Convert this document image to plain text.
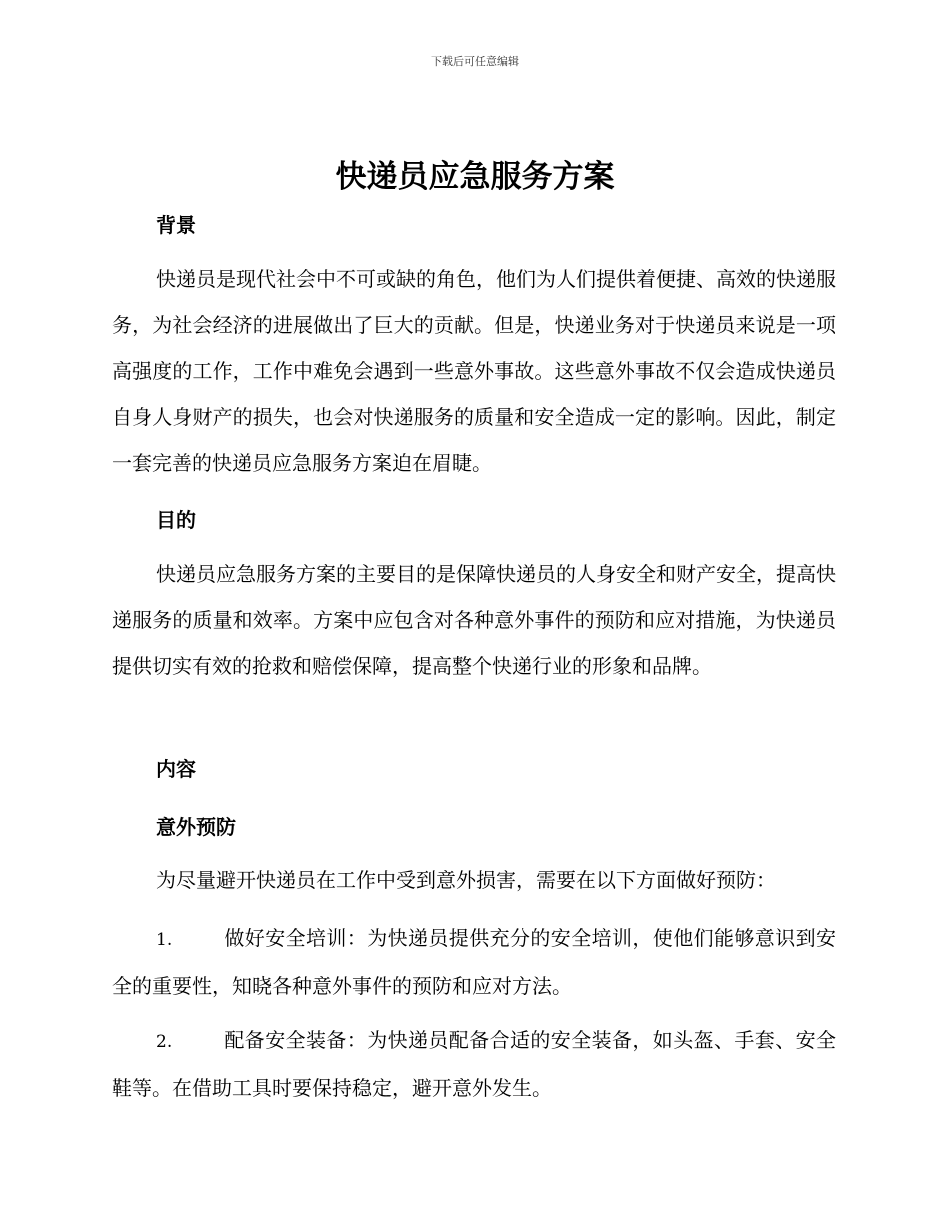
下载后可任意编辑
快递员应急服务方案
背景

快递员是现代社会中不可或缺的角色，他们为人们提供着便捷、高效的快递服务，为社会经济的进展做出了巨大的贡献。但是，快递业务对于快递员来说是一项高强度的工作，工作中难免会遇到一些意外事故。这些意外事故不仅会造成快递员自身人身财产的损失，也会对快递服务的质量和安全造成一定的影响。因此，制定一套完善的快递员应急服务方案迫在眉睫。

目的

快递员应急服务方案的主要目的是保障快递员的人身安全和财产安全，提高快递服务的质量和效率。方案中应包含对各种意外事件的预防和应对措施，为快递员提供切实有效的抢救和赔偿保障，提高整个快递行业的形象和品牌。

内容
意外预防

为尽量避开快递员在工作中受到意外损害，需要在以下方面做好预防：

1.	做好安全培训：为快递员提供充分的安全培训，使他们能够意识到安全的重要性，知晓各种意外事件的预防和应对方法。

2.	配备安全装备：为快递员配备合适的安全装备，如头盔、手套、安全鞋等。在借助工具时要保持稳定，避开意外发生。
